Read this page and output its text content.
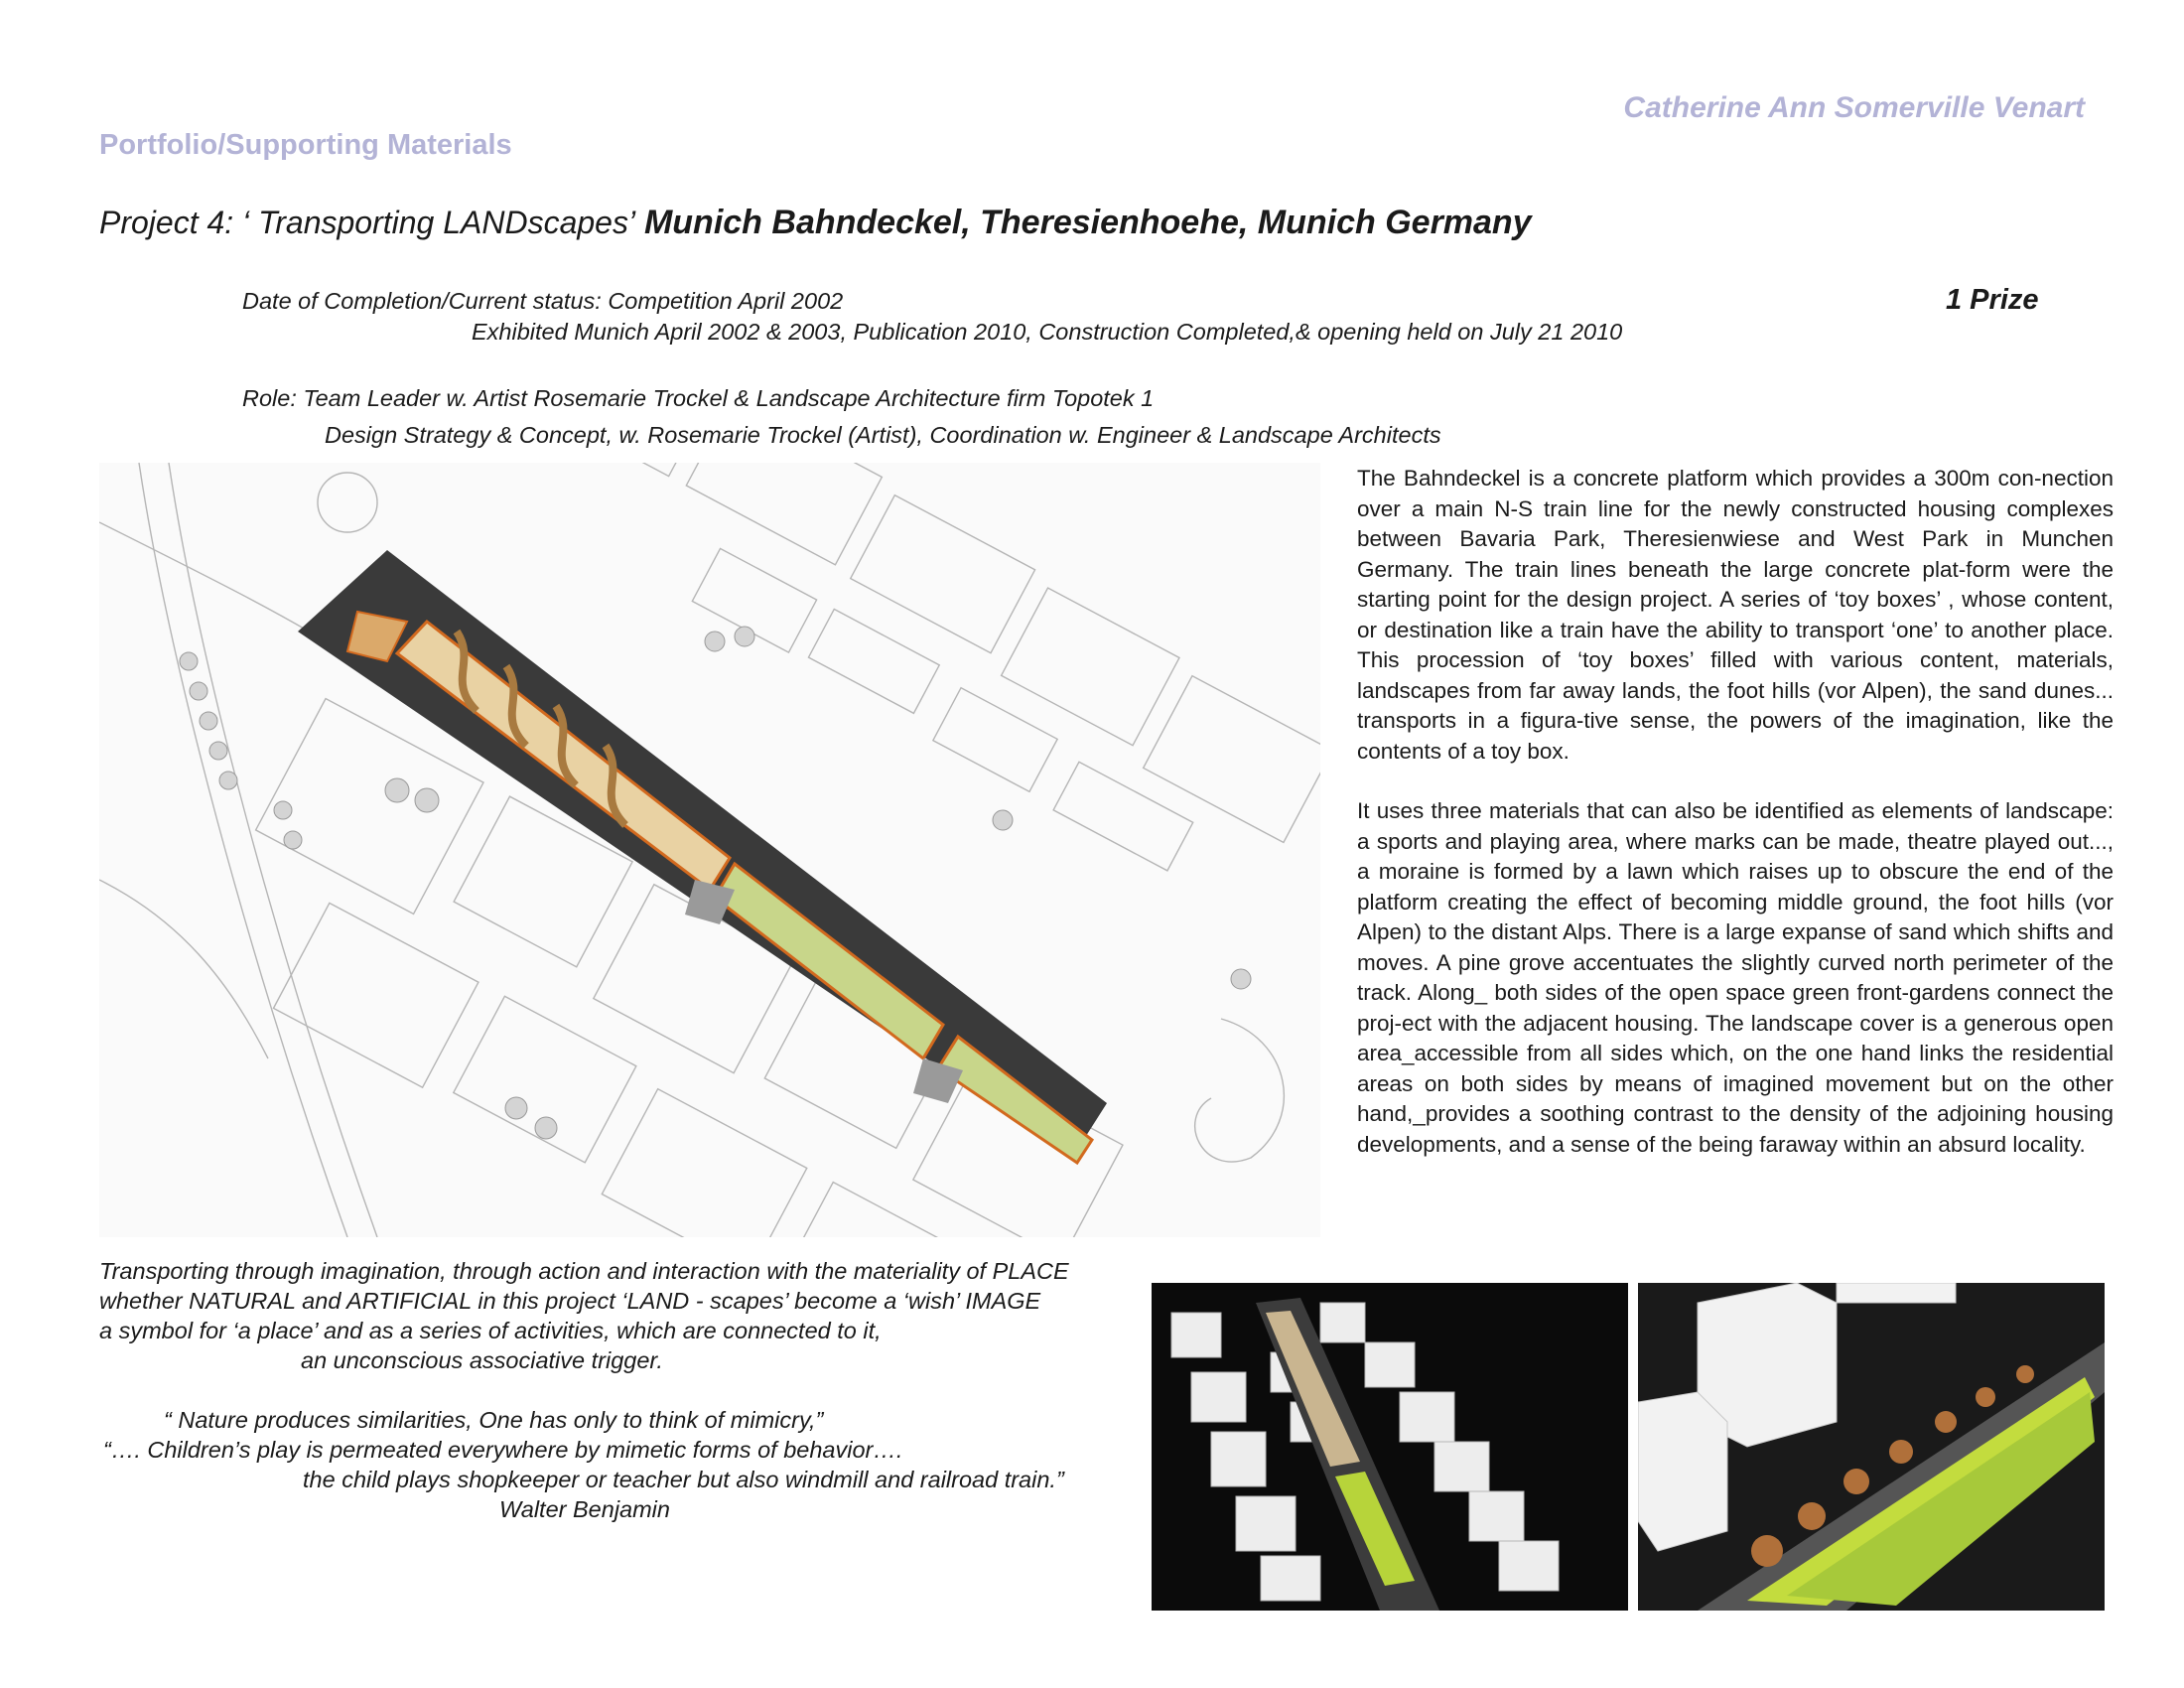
Catherine Ann Somerville Venart
Portfolio/Supporting Materials
Project 4: ‘ Transporting LANDscapes’ Munich Bahndeckel, Theresienhoehe, Munich Germany
Date of Completion/Current status: Competition April 2002
Exhibited Munich April 2002 & 2003, Publication 2010, Construction Completed,& opening held on July 21 2010
1 Prize
Role: Team Leader w. Artist Rosemarie Trockel & Landscape Architecture firm Topotek 1
Design Strategy & Concept, w. Rosemarie Trockel (Artist), Coordination w. Engineer & Landscape Architects

The Bahndeckel is a concrete platform which provides a 300m con-nection over a main N-S train line for the newly constructed housing complexes between Bavaria Park, Theresienwiese and West Park in Munchen Germany. The train lines beneath the large concrete plat-form were the starting point for the design project. A series of ‘toy boxes’ , whose content, or destination like a train have the ability to transport ‘one’ to another place. This procession of ‘toy boxes’ filled with various content, materials, landscapes from far away lands, the foot hills (vor Alpen), the sand dunes... transports in a figura-tive sense, the powers of the imagination, like the contents of a toy box.

It uses three materials that can also be identified as elements of landscape: a sports and playing area, where marks can be made, theatre played out..., a moraine is formed by a lawn which raises up to obscure the end of the platform creating the effect of becoming middle ground, the foot hills (vor Alpen) to the distant Alps. There is a large expanse of sand which shifts and moves. A pine grove accentuates the slightly curved north perimeter of the track. Along_ both sides of the open space green front-gardens connect the proj-ect with the adjacent housing. The landscape cover is a generous open area_accessible from all sides which, on the one hand links the residential areas on both sides by means of imagined movement but on the other hand,_provides a soothing contrast to the density of the adjoining housing developments, and a sense of the being faraway within an absurd locality.

Transporting through imagination, through action and interaction with the materiality of PLACE
whether NATURAL and ARTIFICIAL in this project ‘LAND - scapes’ become a ‘wish’ IMAGE
a symbol for ‘a place’ and as a series of activities, which are connected to it,
an unconscious associative trigger.
“ Nature produces similarities, One has only to think of mimicry,”
“…. Children’s play is permeated everywhere by mimetic forms of behavior….
the child plays shopkeeper or teacher but also windmill and railroad train.”
Walter Benjamin
